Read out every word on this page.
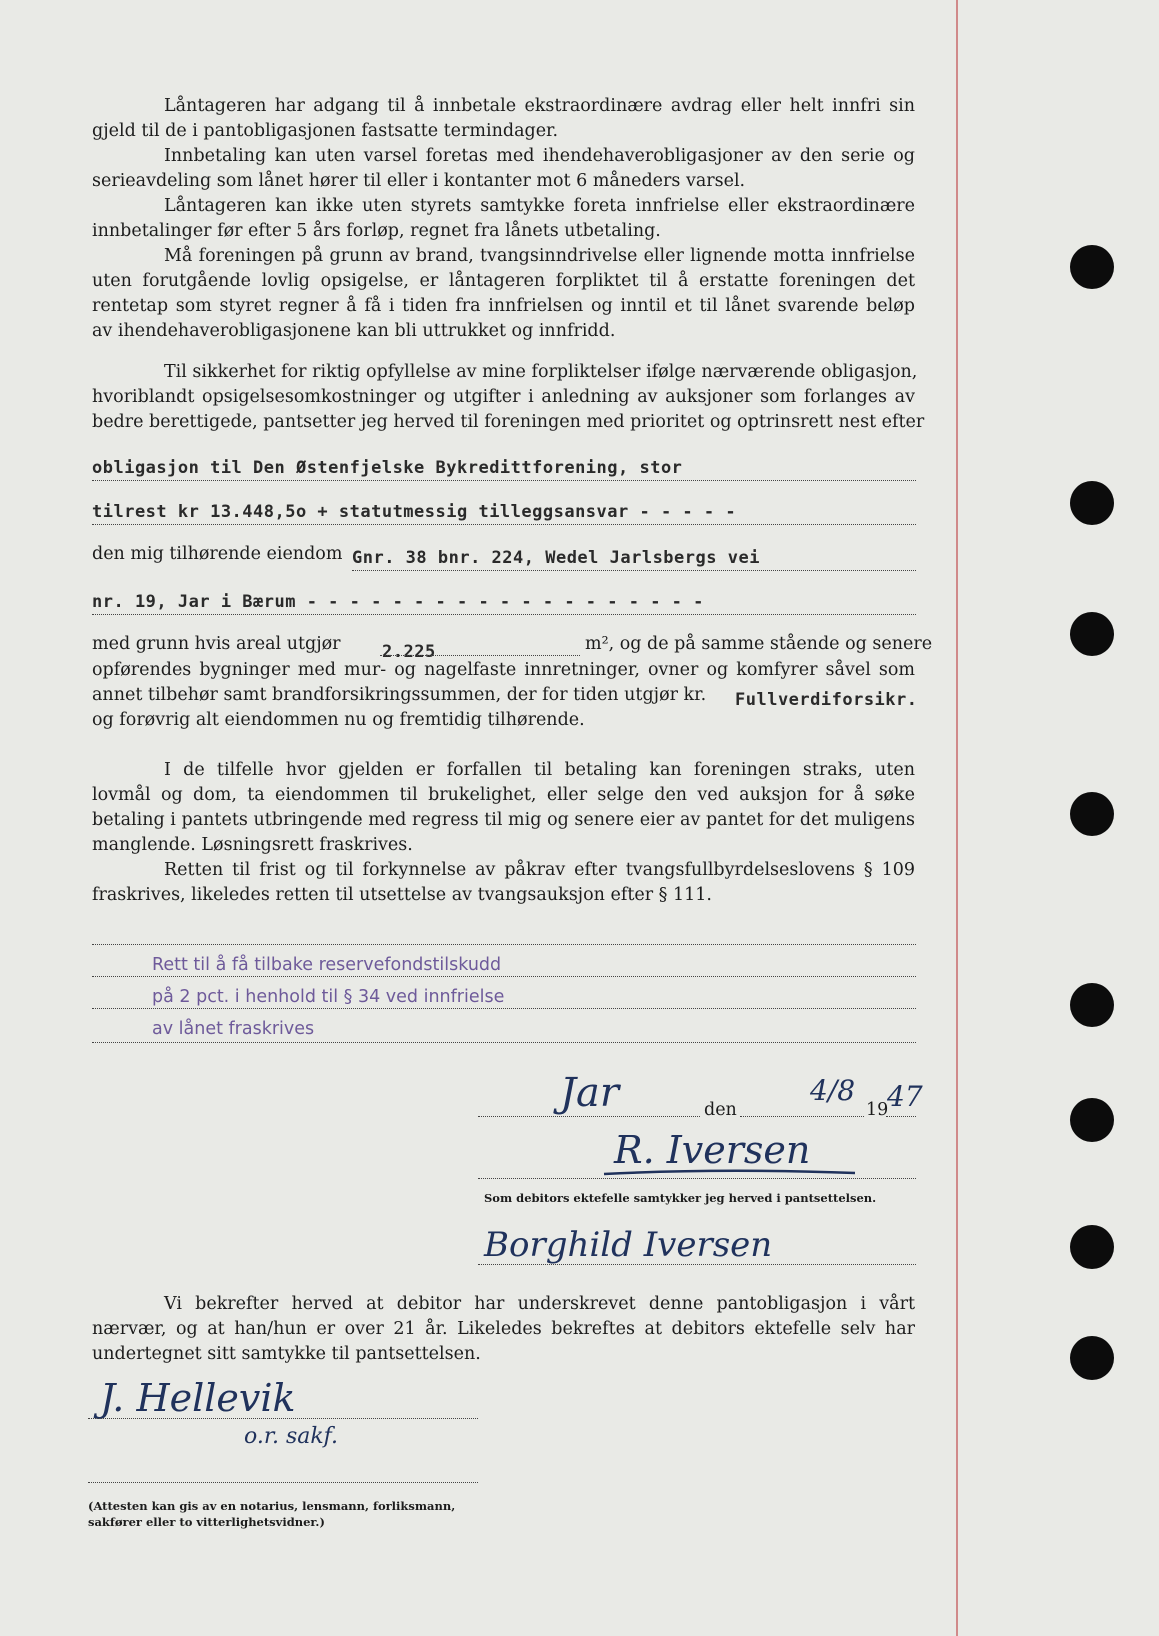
Låntageren har adgang til å innbetale ekstraordinære avdrag eller helt innfri sin
gjeld til de i pantobligasjonen fastsatte termindager.
Innbetaling kan uten varsel foretas med ihendehaverobligasjoner av den serie og
serieavdeling som lånet hører til eller i kontanter mot 6 måneders varsel.
Låntageren kan ikke uten styrets samtykke foreta innfrielse eller ekstraordinære
innbetalinger før efter 5 års forløp, regnet fra lånets utbetaling.
Må foreningen på grunn av brand, tvangsinndrivelse eller lignende motta innfrielse
uten forutgående lovlig opsigelse, er låntageren forpliktet til å erstatte foreningen det
rentetap som styret regner å få i tiden fra innfrielsen og inntil et til lånet svarende beløp
av ihendehaverobligasjonene kan bli uttrukket og innfridd.
Til sikkerhet for riktig opfyllelse av mine forpliktelser ifølge nærværende obligasjon,
hvoriblandt opsigelsesomkostninger og utgifter i anledning av auksjoner som forlanges av
bedre berettigede, pantsetter jeg herved til foreningen med prioritet og optrinsrett nest efter
obligasjon til Den Østenfjelske Bykredittforening, stor
tilrest kr 13.448,5o + statutmessig tilleggsansvar - - - - -
den mig tilhørende eiendom Gnr. 38 bnr. 224, Wedel Jarlsbergs vei
nr. 19, Jar i Bærum - - - - - - - - - - - - - - - - - - -
med grunn hvis areal utgjør 2.225	m², og de på samme stående og senere
opførendes bygninger med mur- og nagelfaste innretninger, ovner og komfyrer såvel som
annet tilbehør samt brandforsikringssummen, der for tiden utgjør kr.	Fullverdiforsikr.
og forøvrig alt eiendommen nu og fremtidig tilhørende.
I de tilfelle hvor gjelden er forfallen til betaling kan foreningen straks, uten
lovmål og dom, ta eiendommen til brukelighet, eller selge den ved auksjon for å søke
betaling i pantets utbringende med regress til mig og senere eier av pantet for det muligens
manglende. Løsningsrett fraskrives.
Retten til frist og til forkynnelse av påkrav efter tvangsfullbyrdelseslovens § 109
fraskrives, likeledes retten til utsettelse av tvangsauksjon efter § 111.
Rett til å få tilbake reservefondstilskudd
på 2 pct. i henhold til § 34 ved innfrielse
av lånet fraskrives
Jar	den
4/8
19
47
R. Iversen
Som debitors ektefelle samtykker jeg herved i pantsettelsen.
Borghild Iversen
Vi bekrefter herved at debitor har underskrevet denne pantobligasjon i vårt
nærvær, og at han/hun er over 21 år. Likeledes bekreftes at debitors ektefelle selv har
undertegnet sitt samtykke til pantsettelsen.
J. Hellevik
o.r. sakf.
(Attesten kan gis av en notarius, lensmann, forliksmann,
sakfører eller to vitterlighetsvidner.)
